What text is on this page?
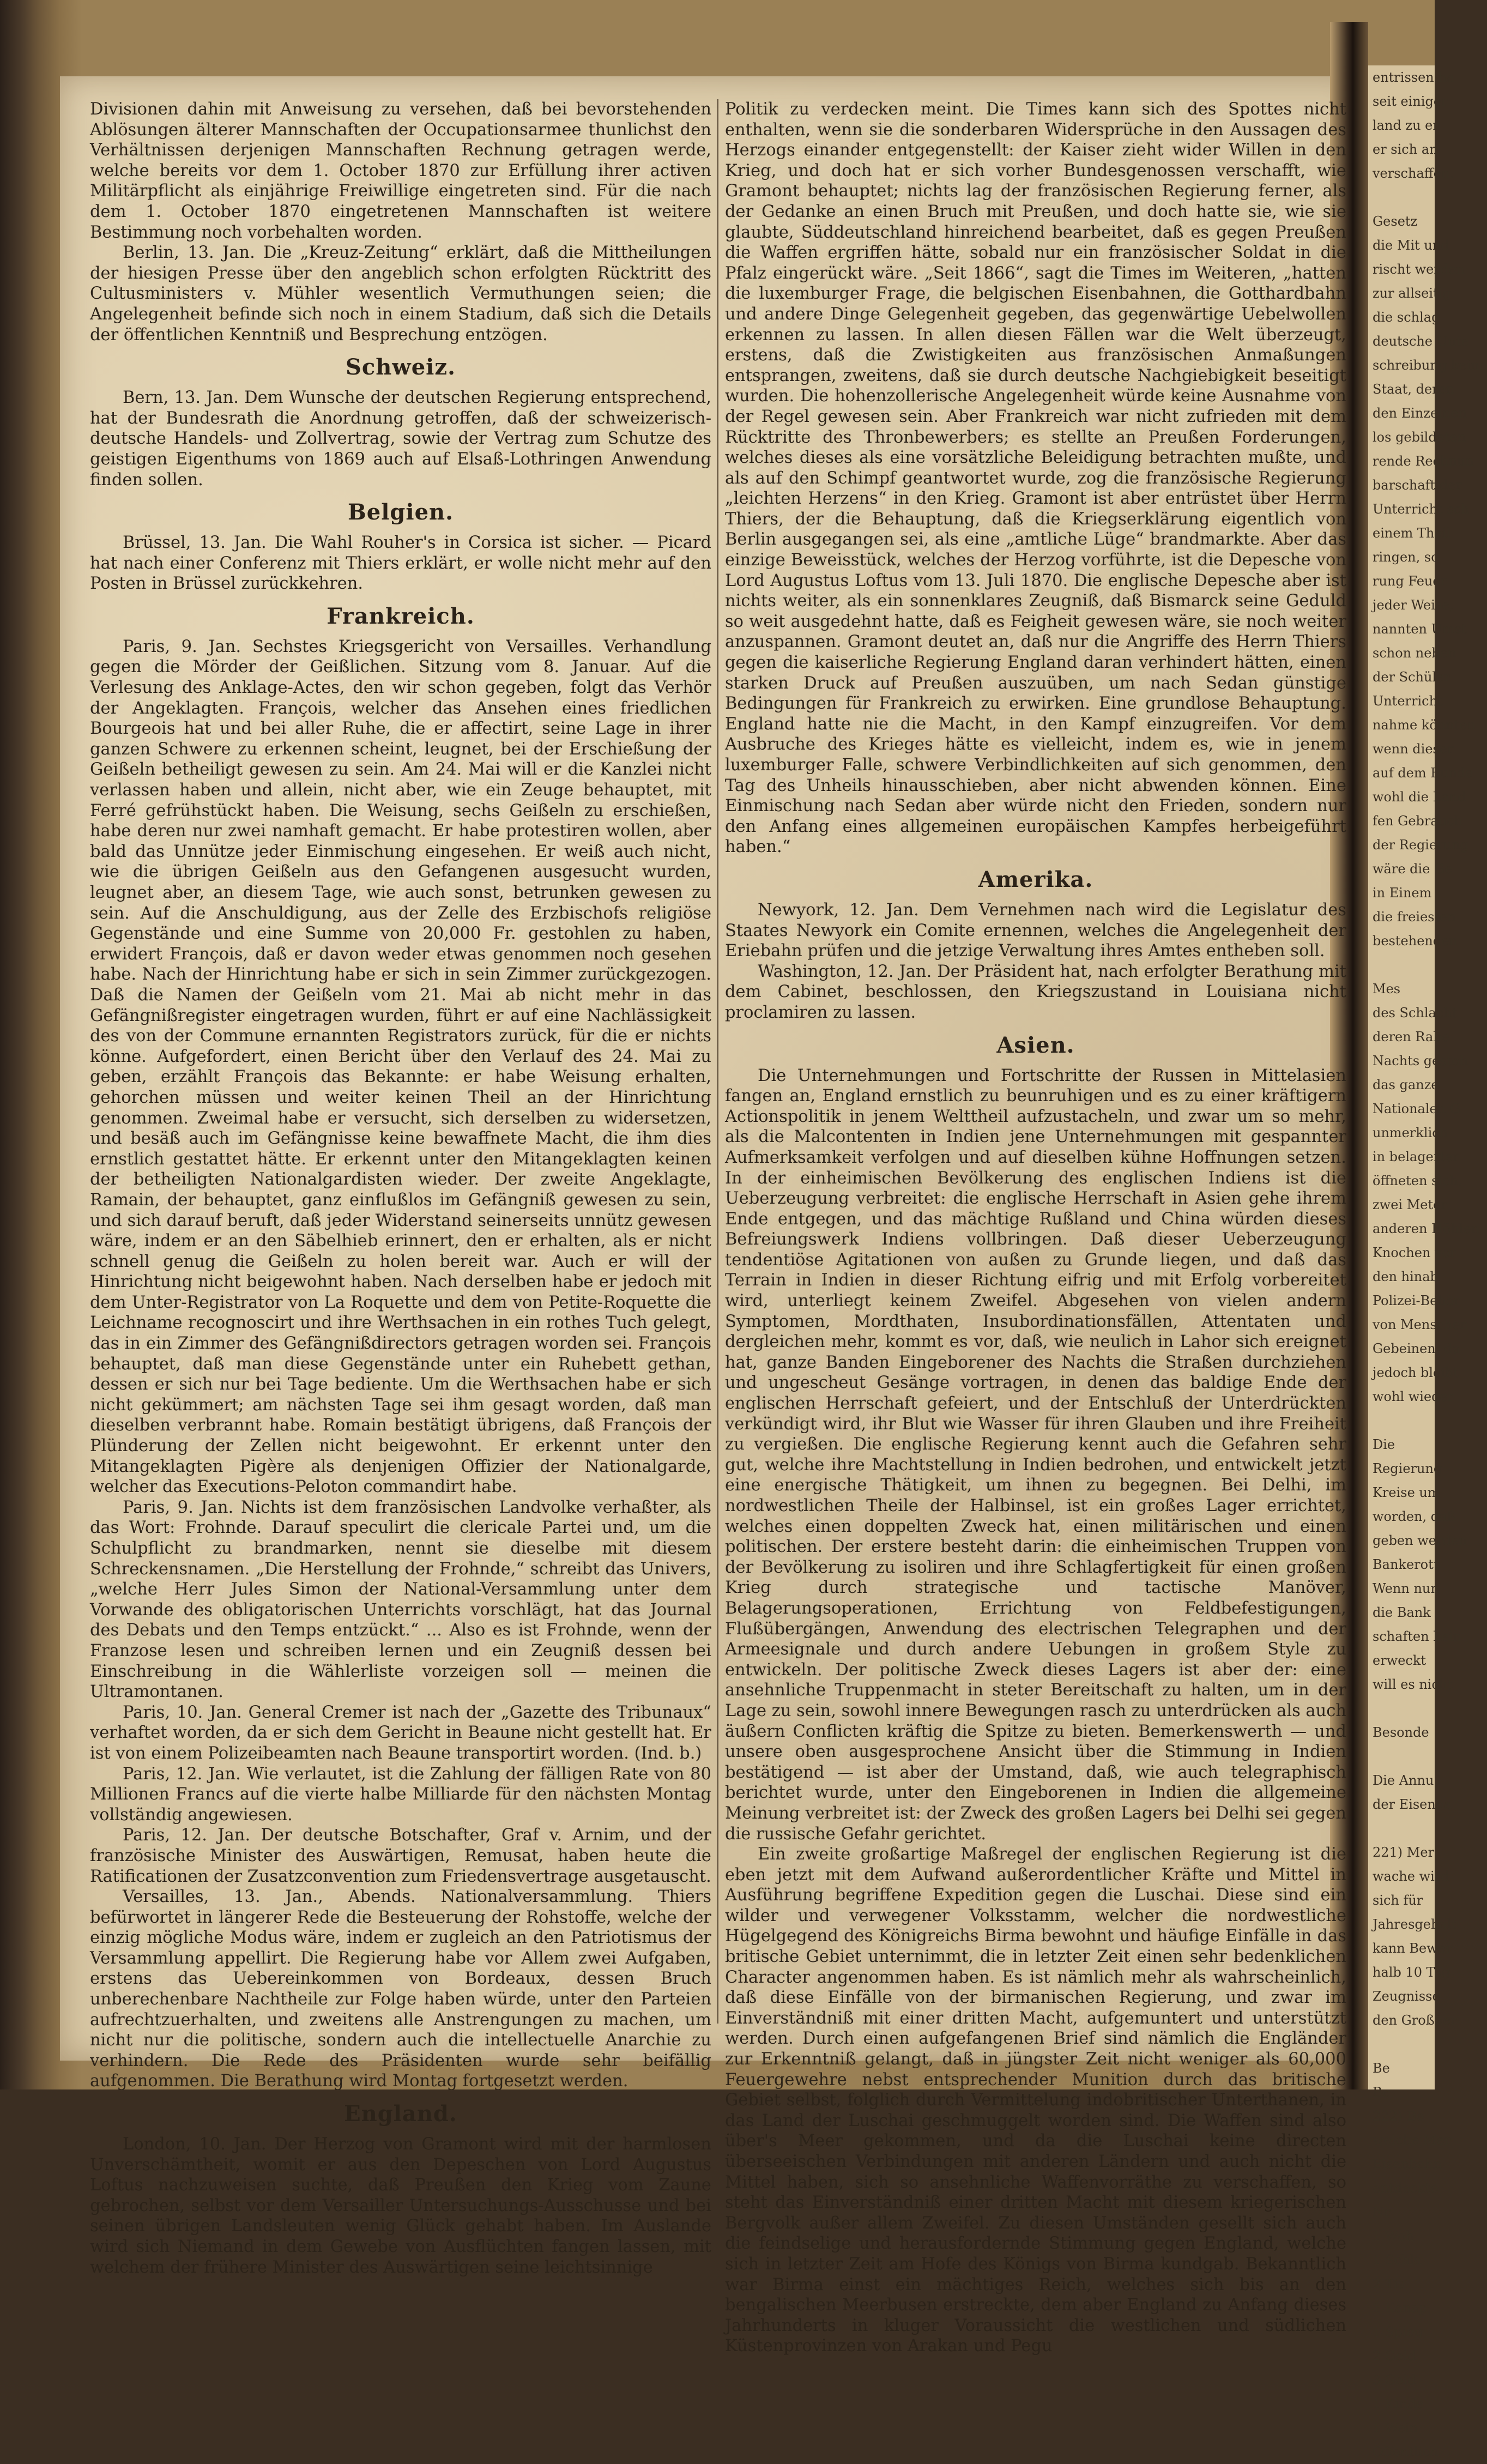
entrissen ha

seit einiger

land zu er

er sich an

verschaffen.

Gesetz

die Mit und

rischt werden

zur allseitig

die schlag

deutsche Unte

schreibung keine

Staat, deren

den Einzelnen

los gebildeten

rende Rechnun

barschaft der

Unterricht sch

einem Theil

ringen, so

rung Feuer

jeder Weise,

nannten Umst

schon neben

der Schüler

Unterricht

nahme könnten

wenn dieser

auf dem Bunde

wohl die Land

fen Gebrauch

der Regierung

wäre die Ge

in Einem

die freiesten

bestehenden

Mes

des Schlacht

deren Rabe

Nachts gestoh

das ganze

Nationalen G

unmerklich

in belagerter

öffneten sich,

zwei Meter

anderen Höhlen

Knochen vor

den hinab

Polizei-Behör

von Menschen

Gebeinen, da

jedoch bleibt

wohl wieder

Die

Regierung

Kreise um

worden, daß

geben werden

Bankerott

Wenn nun

die Bank

schaften kein

erweckt

will es nicht

Besonde

Die Annu

der Eisenba

221) Mer

wache wird

sich für

Jahresgehalt

kann Bewer

halb 10 Tag

Zeugnisse

den Großher

Be

Be

222) Be

welche Mer

Eisenbahn

entdeckte

Nr

1 Woh

1 Schla

2 Tis

1 Kanap

1 Spieg

2 Gold

3 Gold

1 Kinde

1 Wein

Öffentlich

Divisionen dahin mit Anweisung zu versehen, daß bei bevorstehenden Ablösungen älterer Mannschaften der Occupationsarmee thunlichst den Verhältnissen derjenigen Mannschaften Rechnung getragen werde, welche bereits vor dem 1. October 1870 zur Erfüllung ihrer activen Militärpflicht als einjährige Freiwillige eingetreten sind. Für die nach dem 1. October 1870 eingetretenen Mannschaften ist weitere Bestimmung noch vorbehalten worden.

Berlin, 13. Jan. Die „Kreuz-Zeitung“ erklärt, daß die Mittheilungen der hiesigen Presse über den angeblich schon erfolgten Rücktritt des Cultusministers v. Mühler wesentlich Vermuthungen seien; die Angelegenheit befinde sich noch in einem Stadium, daß sich die Details der öffentlichen Kenntniß und Besprechung entzögen.

Schweiz.

Bern, 13. Jan. Dem Wunsche der deutschen Regierung entsprechend, hat der Bundesrath die Anordnung getroffen, daß der schweizerisch-deutsche Handels- und Zollvertrag, sowie der Vertrag zum Schutze des geistigen Eigenthums von 1869 auch auf Elsaß-Lothringen Anwendung finden sollen.

Belgien.

Brüssel, 13. Jan. Die Wahl Rouher's in Corsica ist sicher. — Picard hat nach einer Conferenz mit Thiers erklärt, er wolle nicht mehr auf den Posten in Brüssel zurückkehren.

Frankreich.

Paris, 9. Jan. Sechstes Kriegsgericht von Versailles. Verhandlung gegen die Mörder der Geißlichen. Sitzung vom 8. Januar. Auf die Verlesung des Anklage-Actes, den wir schon gegeben, folgt das Verhör der Angeklagten. François, welcher das Ansehen eines friedlichen Bourgeois hat und bei aller Ruhe, die er affectirt, seine Lage in ihrer ganzen Schwere zu erkennen scheint, leugnet, bei der Erschießung der Geißeln betheiligt gewesen zu sein. Am 24. Mai will er die Kanzlei nicht verlassen haben und allein, nicht aber, wie ein Zeuge behauptet, mit Ferré gefrühstückt haben. Die Weisung, sechs Geißeln zu erschießen, habe deren nur zwei namhaft gemacht. Er habe protestiren wollen, aber bald das Unnütze jeder Einmischung eingesehen. Er weiß auch nicht, wie die übrigen Geißeln aus den Gefangenen ausgesucht wurden, leugnet aber, an diesem Tage, wie auch sonst, betrunken gewesen zu sein. Auf die Anschuldigung, aus der Zelle des Erzbischofs religiöse Gegenstände und eine Summe von 20,000 Fr. gestohlen zu haben, erwidert François, daß er davon weder etwas genommen noch gesehen habe. Nach der Hinrichtung habe er sich in sein Zimmer zurückgezogen. Daß die Namen der Geißeln vom 21. Mai ab nicht mehr in das Gefängnißregister eingetragen wurden, führt er auf eine Nachlässigkeit des von der Commune ernannten Registrators zurück, für die er nichts könne. Aufgefordert, einen Bericht über den Verlauf des 24. Mai zu geben, erzählt François das Bekannte: er habe Weisung erhalten, gehorchen müssen und weiter keinen Theil an der Hinrichtung genommen. Zweimal habe er versucht, sich derselben zu widersetzen, und besäß auch im Gefängnisse keine bewaffnete Macht, die ihm dies ernstlich gestattet hätte. Er erkennt unter den Mitangeklagten keinen der betheiligten Nationalgardisten wieder. Der zweite Angeklagte, Ramain, der behauptet, ganz einflußlos im Gefängniß gewesen zu sein, und sich darauf beruft, daß jeder Widerstand seinerseits unnütz gewesen wäre, indem er an den Säbelhieb erinnert, den er erhalten, als er nicht schnell genug die Geißeln zu holen bereit war. Auch er will der Hinrichtung nicht beigewohnt haben. Nach derselben habe er jedoch mit dem Unter-Registrator von La Roquette und dem von Petite-Roquette die Leichname recognoscirt und ihre Werthsachen in ein rothes Tuch gelegt, das in ein Zimmer des Gefängnißdirectors getragen worden sei. François behauptet, daß man diese Gegenstände unter ein Ruhebett gethan, dessen er sich nur bei Tage bediente. Um die Werthsachen habe er sich nicht gekümmert; am nächsten Tage sei ihm gesagt worden, daß man dieselben verbrannt habe. Romain bestätigt übrigens, daß François der Plünderung der Zellen nicht beigewohnt. Er erkennt unter den Mitangeklagten Pigère als denjenigen Offizier der Nationalgarde, welcher das Executions-Peloton commandirt habe.

Paris, 9. Jan. Nichts ist dem französischen Landvolke verhaßter, als das Wort: Frohnde. Darauf speculirt die clericale Partei und, um die Schulpflicht zu brandmarken, nennt sie dieselbe mit diesem Schreckensnamen. „Die Herstellung der Frohnde,“ schreibt das Univers, „welche Herr Jules Simon der National-Versammlung unter dem Vorwande des obligatorischen Unterrichts vorschlägt, hat das Journal des Debats und den Temps entzückt.“ ... Also es ist Frohnde, wenn der Franzose lesen und schreiben lernen und ein Zeugniß dessen bei Einschreibung in die Wählerliste vorzeigen soll — meinen die Ultramontanen.

Paris, 10. Jan. General Cremer ist nach der „Gazette des Tribunaux“ verhaftet worden, da er sich dem Gericht in Beaune nicht gestellt hat. Er ist von einem Polizeibeamten nach Beaune transportirt worden. (Ind. b.)

Paris, 12. Jan. Wie verlautet, ist die Zahlung der fälligen Rate von 80 Millionen Francs auf die vierte halbe Milliarde für den nächsten Montag vollständig angewiesen.

Paris, 12. Jan. Der deutsche Botschafter, Graf v. Arnim, und der französische Minister des Auswärtigen, Remusat, haben heute die Ratificationen der Zusatzconvention zum Friedensvertrage ausgetauscht.

Versailles, 13. Jan., Abends. Nationalversammlung. Thiers befürwortet in längerer Rede die Besteuerung der Rohstoffe, welche der einzig mögliche Modus wäre, indem er zugleich an den Patriotismus der Versammlung appellirt. Die Regierung habe vor Allem zwei Aufgaben, erstens das Uebereinkommen von Bordeaux, dessen Bruch unberechenbare Nachtheile zur Folge haben würde, unter den Parteien aufrechtzuerhalten, und zweitens alle Anstrengungen zu machen, um nicht nur die politische, sondern auch die intellectuelle Anarchie zu verhindern. Die Rede des Präsidenten wurde sehr beifällig aufgenommen. Die Berathung wird Montag fortgesetzt werden.

England.

London, 10. Jan. Der Herzog von Gramont wird mit der harmlosen Unverschämtheit, womit er aus den Depeschen von Lord Augustus Loftus nachzuweisen suchte, daß Preußen den Krieg vom Zaune gebrochen, selbst vor dem Versailler Untersuchungs-Ausschusse und bei seinen übrigen Landsleuten wenig Glück gehabt haben. Im Auslande wird sich Niemand in dem Gewebe von Ausflüchten fangen lassen, mit welchem der frühere Minister des Auswärtigen seine leichtsinnige

Politik zu verdecken meint. Die Times kann sich des Spottes nicht enthalten, wenn sie die sonderbaren Widersprüche in den Aussagen des Herzogs einander entgegenstellt: der Kaiser zieht wider Willen in den Krieg, und doch hat er sich vorher Bundesgenossen verschafft, wie Gramont behauptet; nichts lag der französischen Regierung ferner, als der Gedanke an einen Bruch mit Preußen, und doch hatte sie, wie sie glaubte, Süddeutschland hinreichend bearbeitet, daß es gegen Preußen die Waffen ergriffen hätte, sobald nur ein französischer Soldat in die Pfalz eingerückt wäre. „Seit 1866“, sagt die Times im Weiteren, „hatten die luxemburger Frage, die belgischen Eisenbahnen, die Gotthardbahn und andere Dinge Gelegenheit gegeben, das gegenwärtige Uebelwollen erkennen zu lassen. In allen diesen Fällen war die Welt überzeugt, erstens, daß die Zwistigkeiten aus französischen Anmaßungen entsprangen, zweitens, daß sie durch deutsche Nachgiebigkeit beseitigt wurden. Die hohenzollerische Angelegenheit würde keine Ausnahme von der Regel gewesen sein. Aber Frankreich war nicht zufrieden mit dem Rücktritte des Thronbewerbers; es stellte an Preußen Forderungen, welches dieses als eine vorsätzliche Beleidigung betrachten mußte, und als auf den Schimpf geantwortet wurde, zog die französische Regierung „leichten Herzens“ in den Krieg. Gramont ist aber entrüstet über Herrn Thiers, der die Behauptung, daß die Kriegserklärung eigentlich von Berlin ausgegangen sei, als eine „amtliche Lüge“ brandmarkte. Aber das einzige Beweisstück, welches der Herzog vorführte, ist die Depesche von Lord Augustus Loftus vom 13. Juli 1870. Die englische Depesche aber ist nichts weiter, als ein sonnenklares Zeugniß, daß Bismarck seine Geduld so weit ausgedehnt hatte, daß es Feigheit gewesen wäre, sie noch weiter anzuspannen. Gramont deutet an, daß nur die Angriffe des Herrn Thiers gegen die kaiserliche Regierung England daran verhindert hätten, einen starken Druck auf Preußen auszuüben, um nach Sedan günstige Bedingungen für Frankreich zu erwirken. Eine grundlose Behauptung. England hatte nie die Macht, in den Kampf einzugreifen. Vor dem Ausbruche des Krieges hätte es vielleicht, indem es, wie in jenem luxemburger Falle, schwere Verbindlichkeiten auf sich genommen, den Tag des Unheils hinausschieben, aber nicht abwenden können. Eine Einmischung nach Sedan aber würde nicht den Frieden, sondern nur den Anfang eines allgemeinen europäischen Kampfes herbeigeführt haben.“

Amerika.

Newyork, 12. Jan. Dem Vernehmen nach wird die Legislatur des Staates Newyork ein Comite ernennen, welches die Angelegenheit der Eriebahn prüfen und die jetzige Verwaltung ihres Amtes entheben soll.

Washington, 12. Jan. Der Präsident hat, nach erfolgter Berathung mit dem Cabinet, beschlossen, den Kriegszustand in Louisiana nicht proclamiren zu lassen.

Asien.

Die Unternehmungen und Fortschritte der Russen in Mittelasien fangen an, England ernstlich zu beunruhigen und es zu einer kräftigern Actionspolitik in jenem Welttheil aufzustacheln, und zwar um so mehr, als die Malcontenten in Indien jene Unternehmungen mit gespannter Aufmerksamkeit verfolgen und auf dieselben kühne Hoffnungen setzen. In der einheimischen Bevölkerung des englischen Indiens ist die Ueberzeugung verbreitet: die englische Herrschaft in Asien gehe ihrem Ende entgegen, und das mächtige Rußland und China würden dieses Befreiungswerk Indiens vollbringen. Daß dieser Ueberzeugung tendentiöse Agitationen von außen zu Grunde liegen, und daß das Terrain in Indien in dieser Richtung eifrig und mit Erfolg vorbereitet wird, unterliegt keinem Zweifel. Abgesehen von vielen andern Symptomen, Mordthaten, Insubordinationsfällen, Attentaten und dergleichen mehr, kommt es vor, daß, wie neulich in Lahor sich ereignet hat, ganze Banden Eingeborener des Nachts die Straßen durchziehen und ungescheut Gesänge vortragen, in denen das baldige Ende der englischen Herrschaft gefeiert, und der Entschluß der Unterdrückten verkündigt wird, ihr Blut wie Wasser für ihren Glauben und ihre Freiheit zu vergießen. Die englische Regierung kennt auch die Gefahren sehr gut, welche ihre Machtstellung in Indien bedrohen, und entwickelt jetzt eine energische Thätigkeit, um ihnen zu begegnen. Bei Delhi, im nordwestlichen Theile der Halbinsel, ist ein großes Lager errichtet, welches einen doppelten Zweck hat, einen militärischen und einen politischen. Der erstere besteht darin: die einheimischen Truppen von der Bevölkerung zu isoliren und ihre Schlagfertigkeit für einen großen Krieg durch strategische und tactische Manöver, Belagerungsoperationen, Errichtung von Feldbefestigungen, Flußübergängen, Anwendung des electrischen Telegraphen und der Armeesignale und durch andere Uebungen in großem Style zu entwickeln. Der politische Zweck dieses Lagers ist aber der: eine ansehnliche Truppenmacht in steter Bereitschaft zu halten, um in der Lage zu sein, sowohl innere Bewegungen rasch zu unterdrücken als auch äußern Conflicten kräftig die Spitze zu bieten. Bemerkenswerth — und unsere oben ausgesprochene Ansicht über die Stimmung in Indien bestätigend — ist aber der Umstand, daß, wie auch telegraphisch berichtet wurde, unter den Eingeborenen in Indien die allgemeine Meinung verbreitet ist: der Zweck des großen Lagers bei Delhi sei gegen die russische Gefahr gerichtet.

Ein zweite großartige Maßregel der englischen Regierung ist die eben jetzt mit dem Aufwand außerordentlicher Kräfte und Mittel in Ausführung begriffene Expedition gegen die Luschai. Diese sind ein wilder und verwegener Volksstamm, welcher die nordwestliche Hügelgegend des Königreichs Birma bewohnt und häufige Einfälle in das britische Gebiet unternimmt, die in letzter Zeit einen sehr bedenklichen Character angenommen haben. Es ist nämlich mehr als wahrscheinlich, daß diese Einfälle von der birmanischen Regierung, und zwar im Einverständniß mit einer dritten Macht, aufgemuntert und unterstützt werden. Durch einen aufgefangenen Brief sind nämlich die Engländer zur Erkenntniß gelangt, daß in jüngster Zeit nicht weniger als 60,000 Feuergewehre nebst entsprechender Munition durch das britische Gebiet selbst, folglich durch Vermittelung indobritischer Unterthanen, in das Land der Luschai geschmuggelt worden sind. Die Waffen sind also über's Meer gekommen, und da die Luschai keine directen überseeischen Verbindungen mit anderen Ländern und auch nicht die Mittel haben, sich so ansehnliche Waffenvorräthe zu verschaffen, so steht das Einverständniß einer dritten Macht mit diesem kriegerischen Bergvolk außer allem Zweifel. Zu diesen Umständen gesellt sich auch die feindselige und herausfordernde Stimmung gegen England, welche sich in letzter Zeit am Hofe des Königs von Birma kundgab. Bekanntlich war Birma einst ein mächtiges Reich, welches sich bis an den bengalischen Meerbusen erstreckte, dem aber England zu Anfang dieses Jahrhunderts in kluger Voraussicht die westlichen und südlichen Küstenprovinzen von Arakan und Pegu
